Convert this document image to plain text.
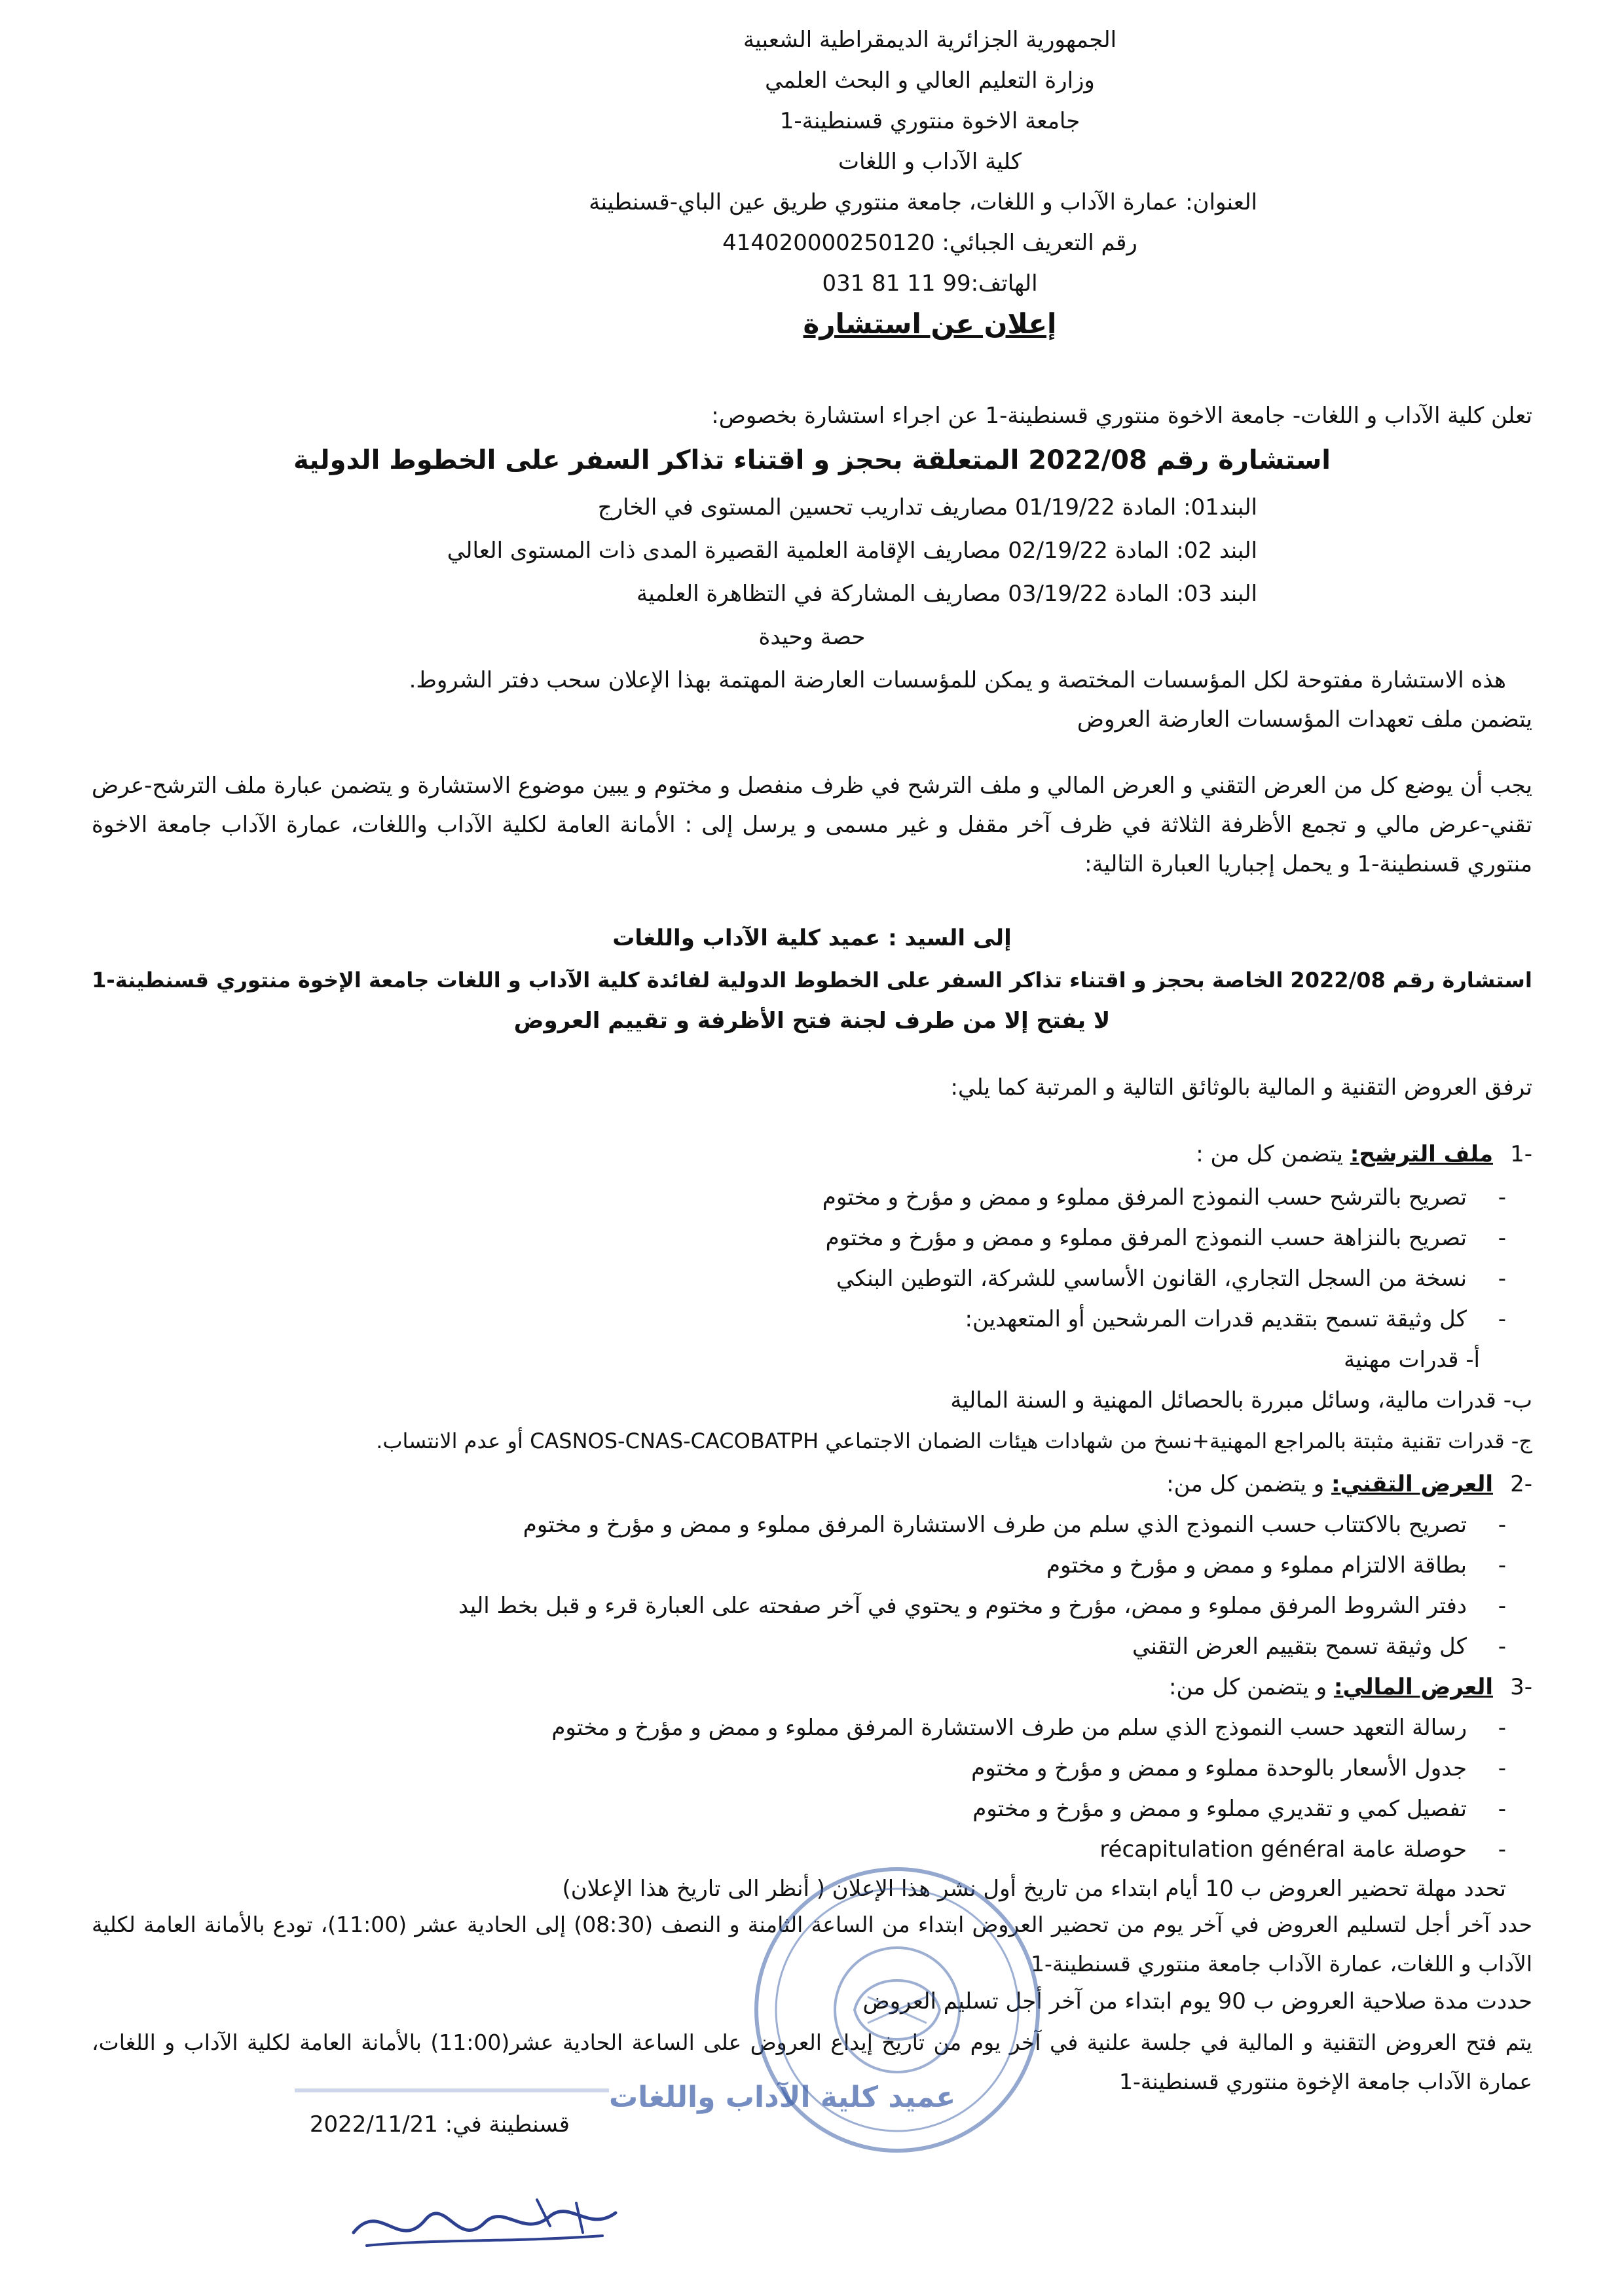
الجمهورية الجزائرية الديمقراطية الشعبية
وزارة التعليم العالي و البحث العلمي
جامعة الاخوة منتوري قسنطينة-1
كلية الآداب و اللغات
العنوان: عمارة الآداب و اللغات، جامعة منتوري طريق عين الباي-قسنطينة
رقم التعريف الجبائي: 414020000250120
الهاتف:99 11 81 031
إعلان عن استشارة
تعلن كلية الآداب و اللغات- جامعة الاخوة منتوري قسنطينة-1 عن اجراء استشارة بخصوص:
استشارة رقم 2022/08 المتعلقة بحجز و اقتناء تذاكر السفر على الخطوط الدولية
البند01: المادة 01/19/22 مصاريف تداريب تحسين المستوى في الخارج
البند 02: المادة 02/19/22 مصاريف الإقامة العلمية القصيرة المدى ذات المستوى العالي
البند 03: المادة 03/19/22 مصاريف المشاركة في التظاهرة العلمية
حصة وحيدة
هذه الاستشارة مفتوحة لكل المؤسسات المختصة و يمكن للمؤسسات العارضة المهتمة بهذا الإعلان سحب دفتر الشروط.
يتضمن ملف تعهدات المؤسسات العارضة العروض
يجب أن يوضع كل من العرض التقني و العرض المالي و ملف الترشح في ظرف منفصل و مختوم و يبين موضوع الاستشارة و يتضمن عبارة ملف الترشح-عرض تقني-عرض مالي و تجمع الأظرفة الثلاثة في ظرف آخر مقفل و غير مسمى و يرسل إلى : الأمانة العامة لكلية الآداب واللغات، عمارة الآداب جامعة الاخوة منتوري قسنطينة-1 و يحمل إجباريا العبارة التالية:
إلى السيد : عميد كلية الآداب واللغات
استشارة رقم 2022/08 الخاصة بحجز و اقتناء تذاكر السفر على الخطوط الدولية لفائدة كلية الآداب و اللغات جامعة الإخوة منتوري قسنطينة-1
لا يفتح إلا من طرف لجنة فتح الأظرفة و تقييم العروض
ترفق العروض التقنية و المالية بالوثائق التالية و المرتبة كما يلي:
-1ملف الترشح: يتضمن كل من :
-تصريح بالترشح حسب النموذج المرفق مملوء و ممض و مؤرخ و مختوم
-تصريح بالنزاهة حسب النموذج المرفق مملوء و ممض و مؤرخ و مختوم
-نسخة من السجل التجاري، القانون الأساسي للشركة، التوطين البنكي
-كل وثيقة تسمح بتقديم قدرات المرشحين أو المتعهدين:
أ- قدرات مهنية
ب- قدرات مالية، وسائل مبررة بالحصائل المهنية و السنة المالية
ج- قدرات تقنية مثبتة بالمراجع المهنية+نسخ من شهادات هيئات الضمان الاجتماعي CASNOS-CNAS-CACOBATPH أو عدم الانتساب.
-2العرض التقني: و يتضمن كل من:
-تصريح بالاكتتاب حسب النموذج الذي سلم من طرف الاستشارة المرفق مملوء و ممض و مؤرخ و مختوم
-بطاقة الالتزام مملوء و ممض و مؤرخ و مختوم
-دفتر الشروط المرفق مملوء و ممض، مؤرخ و مختوم و يحتوي في آخر صفحته على العبارة قرء و قبل بخط اليد
-كل وثيقة تسمح بتقييم العرض التقني
-3العرض المالي: و يتضمن كل من:
-رسالة التعهد حسب النموذج الذي سلم من طرف الاستشارة المرفق مملوء و ممض و مؤرخ و مختوم
-جدول الأسعار بالوحدة مملوء و ممض و مؤرخ و مختوم
-تفصيل كمي و تقديري مملوء و ممض و مؤرخ و مختوم
-حوصلة عامة récapitulation général
تحدد مهلة تحضير العروض ب 10 أيام ابتداء من تاريخ أول نشر هذا الإعلان ( أنظر الى تاريخ هذا الإعلان)
حدد آخر أجل لتسليم العروض في آخر يوم من تحضير العروض ابتداء من الساعة الثامنة و النصف (08:30) إلى الحادية عشر (11:00)، تودع بالأمانة العامة لكلية الآداب و اللغات، عمارة الآداب جامعة منتوري قسنطينة-1
حددت مدة صلاحية العروض ب 90 يوم ابتداء من آخر أجل تسليم العروض
يتم فتح العروض التقنية و المالية في جلسة علنية في آخر يوم من تاريخ إيداع العروض على الساعة الحادية عشر(11:00) بالأمانة العامة لكلية الآداب و اللغات، عمارة الآداب جامعة الإخوة منتوري قسنطينة-1
قسنطينة في: 2022/11/21
عميد كلية الآداب واللغات
